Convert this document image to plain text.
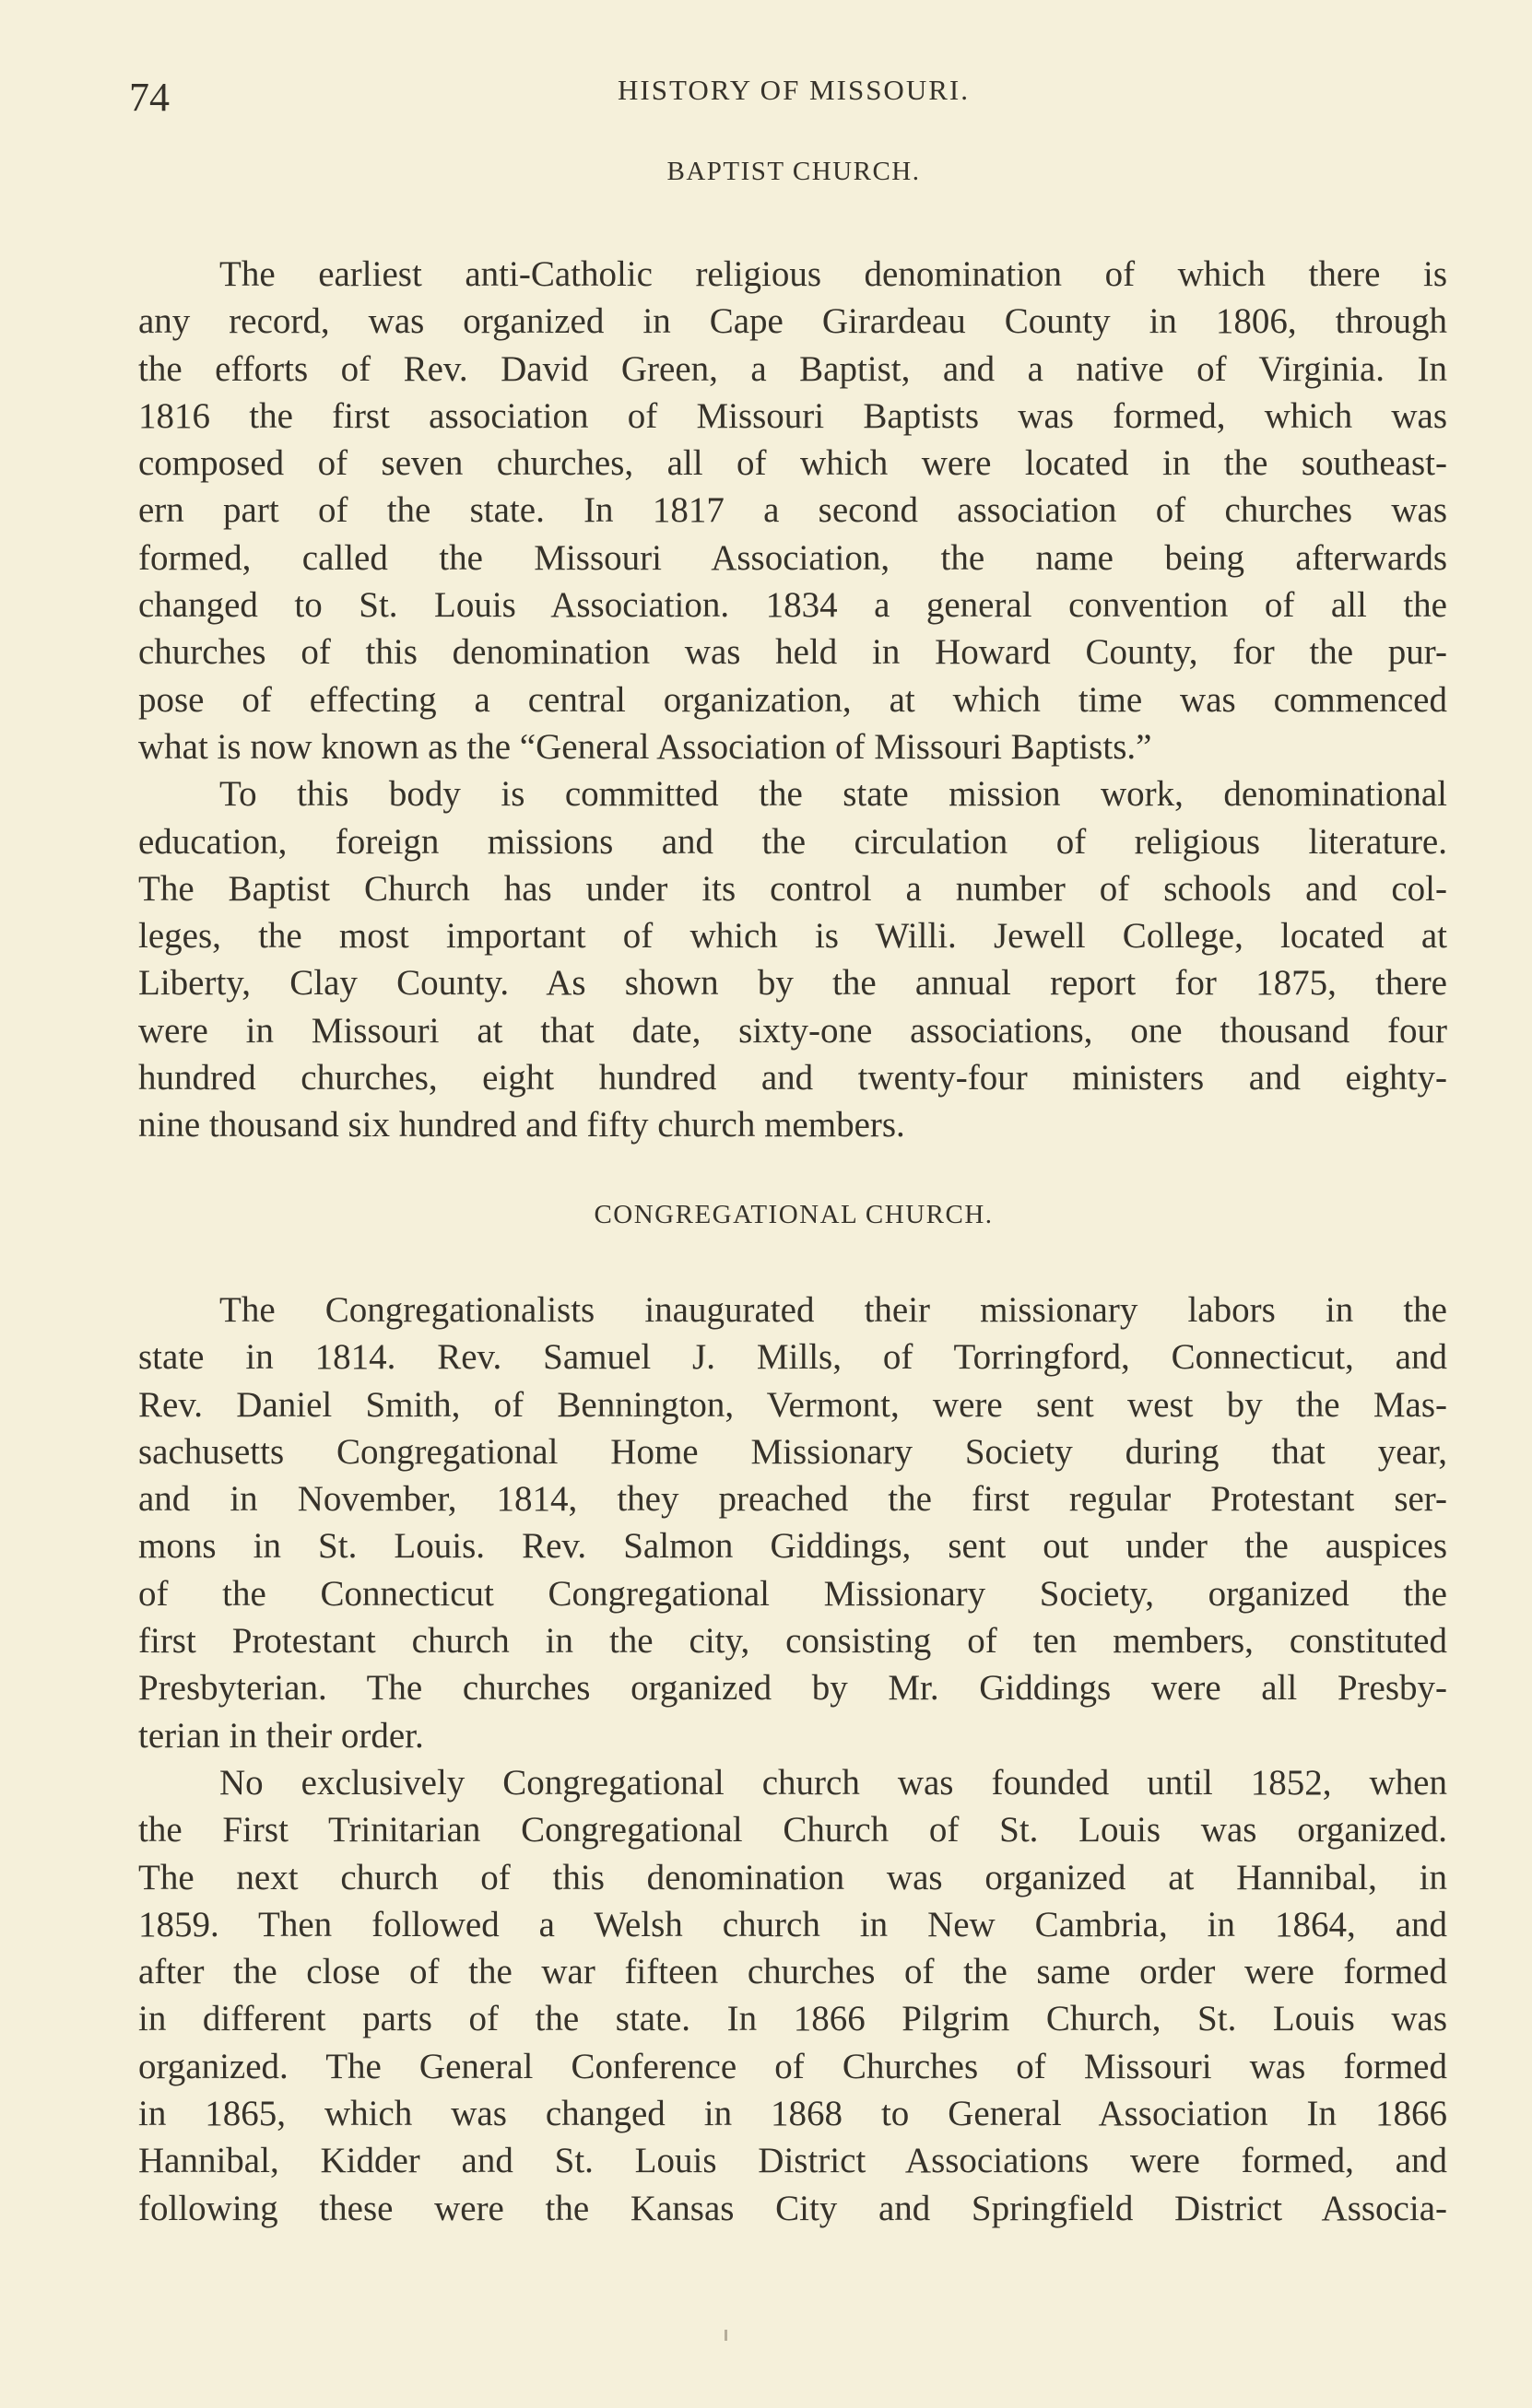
74	HISTORY OF MISSOURI.
BAPTIST CHURCH.
The earliest anti-Catholic religious denomination of which there is
any record, was organized in Cape Girardeau County in 1806, through
the efforts of Rev. David Green, a Baptist, and a native of Virginia. In
1816 the first association of Missouri Baptists was formed, which was
composed of seven churches, all of which were located in the southeast-
ern part of the state. In 1817 a second association of churches was
formed, called the Missouri Association, the name being afterwards
changed to St. Louis Association. 1834 a general convention of all the
churches of this denomination was held in Howard County, for the pur-
pose of effecting a central organization, at which time was commenced
what is now known as the “General Association of Missouri Baptists.”
To this body is committed the state mission work, denominational
education, foreign missions and the circulation of religious literature.
The Baptist Church has under its control a number of schools and col-
leges, the most important of which is Willi. Jewell College, located at
Liberty, Clay County. As shown by the annual report for 1875, there
were in Missouri at that date, sixty-one associations, one thousand four
hundred churches, eight hundred and twenty-four ministers and eighty-
nine thousand six hundred and fifty church members.
CONGREGATIONAL CHURCH.
The Congregationalists inaugurated their missionary labors in the
state in 1814. Rev. Samuel J. Mills, of Torringford, Connecticut, and
Rev. Daniel Smith, of Bennington, Vermont, were sent west by the Mas-
sachusetts Congregational Home Missionary Society during that year,
and in November, 1814, they preached the first regular Protestant ser-
mons in St. Louis. Rev. Salmon Giddings, sent out under the auspices
of the Connecticut Congregational Missionary Society, organized the
first Protestant church in the city, consisting of ten members, constituted
Presbyterian. The churches organized by Mr. Giddings were all Presby-
terian in their order.
No exclusively Congregational church was founded until 1852, when
the First Trinitarian Congregational Church of St. Louis was organized.
The next church of this denomination was organized at Hannibal, in
1859. Then followed a Welsh church in New Cambria, in 1864, and
after the close of the war fifteen churches of the same order were formed
in different parts of the state. In 1866 Pilgrim Church, St. Louis was
organized. The General Conference of Churches of Missouri was formed
in 1865, which was changed in 1868 to General Association In 1866
Hannibal, Kidder and St. Louis District Associations were formed, and
following these were the Kansas City and Springfield District Associa-
